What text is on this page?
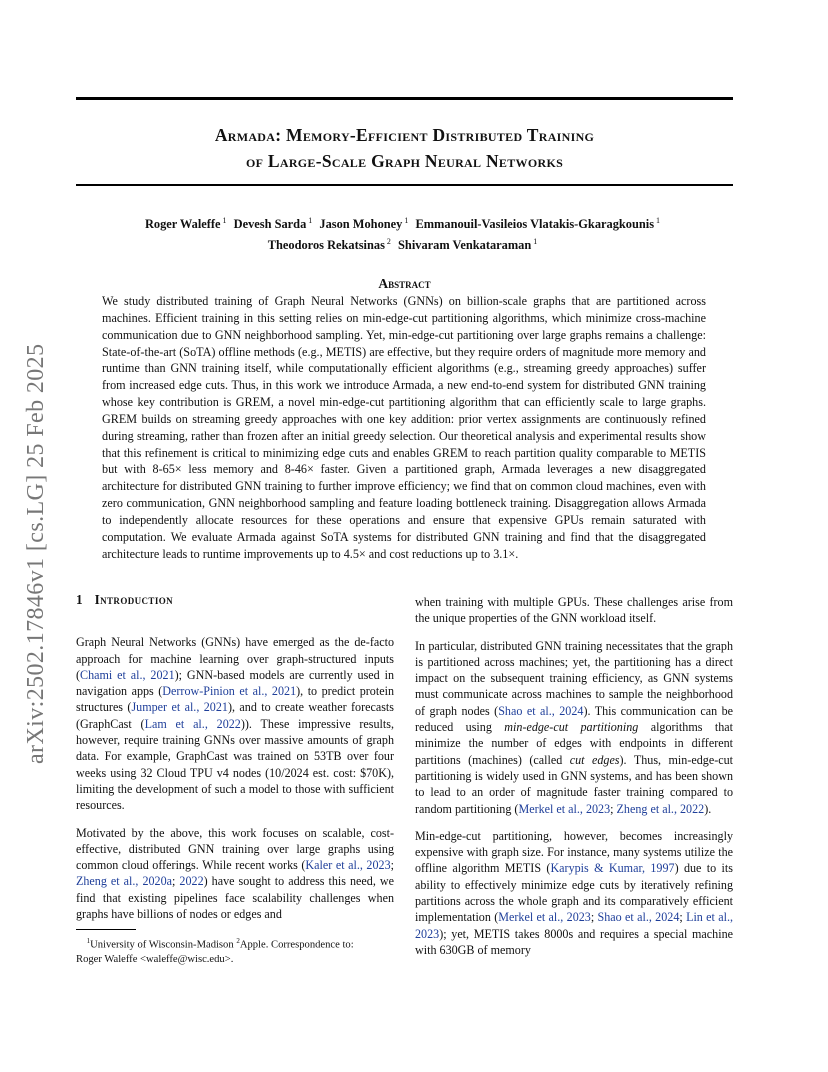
Armada: Memory-Efficient Distributed Training
of Large-Scale Graph Neural Networks
Roger Waleffe $^1$ Devesh Sarda $^1$ Jason Mohoney $^1$ Emmanouil-Vasileios Vlatakis-Gkaragkounis $^1$
Theodoros Rekatsinas $^2$ Shivaram Venkataraman $^1$
Abstract

We study distributed training of Graph Neural Networks (GNNs) on billion-scale graphs that are partitioned across machines. Efficient training in this setting relies on min-edge-cut partitioning algorithms, which minimize cross-machine communication due to GNN neighborhood sampling. Yet, min-edge-cut partitioning over large graphs remains a challenge: State-of-the-art (SoTA) offline methods (e.g., METIS) are effective, but they require orders of magnitude more memory and runtime than GNN training itself, while computationally efficient algorithms (e.g., streaming greedy approaches) suffer from increased edge cuts. Thus, in this work we introduce Armada, a new end-to-end system for distributed GNN training whose key contribution is GREM, a novel min-edge-cut partitioning algorithm that can efficiently scale to large graphs. GREM builds on streaming greedy approaches with one key addition: prior vertex assignments are continuously refined during streaming, rather than frozen after an initial greedy selection. Our theoretical analysis and experimental results show that this refinement is critical to minimizing edge cuts and enables GREM to reach partition quality comparable to METIS but with 8-65× less memory and 8-46× faster. Given a partitioned graph, Armada leverages a new disaggregated architecture for distributed GNN training to further improve efficiency; we find that on common cloud machines, even with zero communication, GNN neighborhood sampling and feature loading bottleneck training. Disaggregation allows Armada to independently allocate resources for these operations and ensure that expensive GPUs remain saturated with computation. We evaluate Armada against SoTA systems for distributed GNN training and find that the disaggregated architecture leads to runtime improvements up to 4.5× and cost reductions up to 3.1×.

arXiv:2502.17846v1 [cs.LG] 25 Feb 2025 1 Introduction

Graph Neural Networks (GNNs) have emerged as the de-facto approach for machine learning over graph-structured inputs (Chami et al., 2021); GNN-based models are currently used in navigation apps (Derrow-Pinion et al., 2021), to predict protein structures (Jumper et al., 2021), and to create weather forecasts (GraphCast (Lam et al., 2022)). These impressive results, however, require training GNNs over massive amounts of graph data. For example, GraphCast was trained on 53TB over four weeks using 32 Cloud TPU v4 nodes (10/2024 est. cost: $70K), limiting the development of such a model to those with sufficient resources.

Motivated by the above, this work focuses on scalable, cost-effective, distributed GNN training over large graphs using common cloud offerings. While recent works (Kaler et al., 2023; Zheng et al., 2020a; 2022) have sought to address this need, we find that existing pipelines face scalability challenges when graphs have billions of nodes or edges and

$^1$University of Wisconsin-Madison $^2$Apple. Correspondence to:
Roger Waleffe <waleffe@wisc.edu>.

when training with multiple GPUs. These challenges arise from the unique properties of the GNN workload itself.

In particular, distributed GNN training necessitates that the graph is partitioned across machines; yet, the partitioning has a direct impact on the subsequent training efficiency, as GNN systems must communicate across machines to sample the neighborhood of graph nodes (Shao et al., 2024). This communication can be reduced using min-edge-cut partitioning algorithms that minimize the number of edges with endpoints in different partitions (machines) (called cut edges). Thus, min-edge-cut partitioning is widely used in GNN systems, and has been shown to lead to an order of magnitude faster training compared to random partitioning (Merkel et al., 2023; Zheng et al., 2022).

Min-edge-cut partitioning, however, becomes increasingly expensive with graph size. For instance, many systems utilize the offline algorithm METIS (Karypis & Kumar, 1997) due to its ability to effectively minimize edge cuts by iteratively refining partitions across the whole graph and its comparatively efficient implementation (Merkel et al., 2023; Shao et al., 2024; Lin et al., 2023); yet, METIS takes 8000s and requires a special machine with 630GB of memory
